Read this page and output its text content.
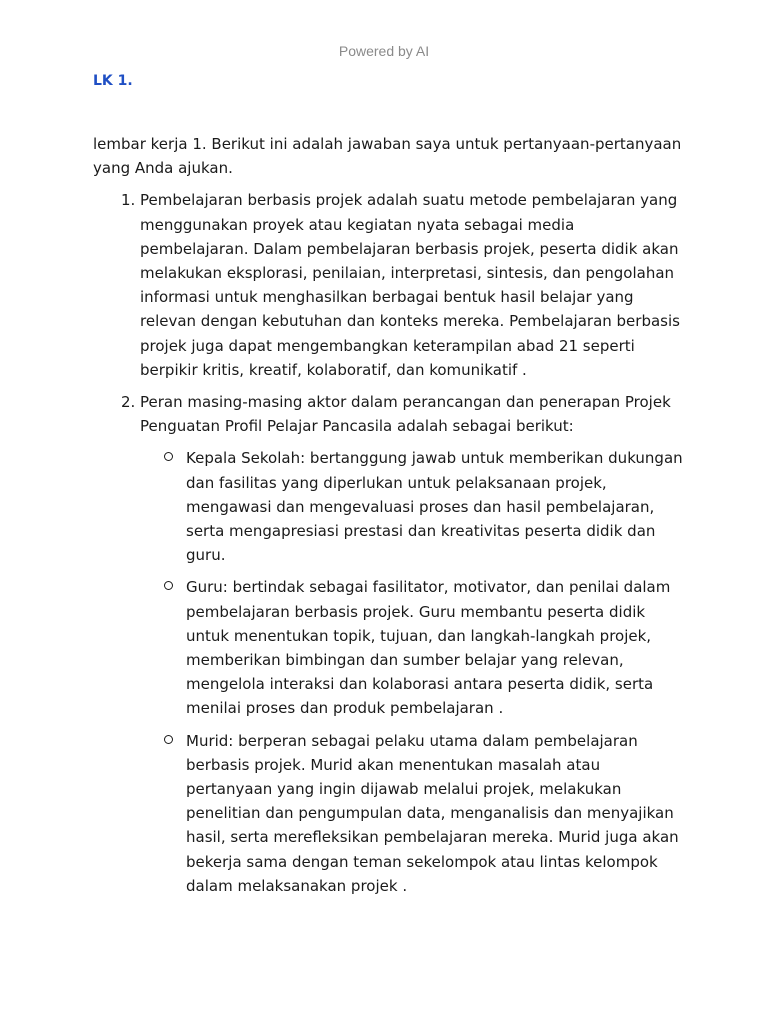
Powered by AI
LK 1.

lembar kerja 1. Berikut ini adalah jawaban saya untuk pertanyaan-pertanyaan yang Anda ajukan.

1. Pembelajaran berbasis projek adalah suatu metode pembelajaran yang menggunakan proyek atau kegiatan nyata sebagai media pembelajaran. Dalam pembelajaran berbasis projek, peserta didik akan melakukan eksplorasi, penilaian, interpretasi, sintesis, dan pengolahan informasi untuk menghasilkan berbagai bentuk hasil belajar yang relevan dengan kebutuhan dan konteks mereka. Pembelajaran berbasis projek juga dapat mengembangkan keterampilan abad 21 seperti berpikir kritis, kreatif, kolaboratif, dan komunikatif .
2. Peran masing-masing aktor dalam perancangan dan penerapan Projek Penguatan Profil Pelajar Pancasila adalah sebagai berikut:
Kepala Sekolah: bertanggung jawab untuk memberikan dukungan dan fasilitas yang diperlukan untuk pelaksanaan projek, mengawasi dan mengevaluasi proses dan hasil pembelajaran, serta mengapresiasi prestasi dan kreativitas peserta didik dan guru.
Guru: bertindak sebagai fasilitator, motivator, dan penilai dalam pembelajaran berbasis projek. Guru membantu peserta didik untuk menentukan topik, tujuan, dan langkah-langkah projek, memberikan bimbingan dan sumber belajar yang relevan, mengelola interaksi dan kolaborasi antara peserta didik, serta menilai proses dan produk pembelajaran .
Murid: berperan sebagai pelaku utama dalam pembelajaran berbasis projek. Murid akan menentukan masalah atau pertanyaan yang ingin dijawab melalui projek, melakukan penelitian dan pengumpulan data, menganalisis dan menyajikan hasil, serta merefleksikan pembelajaran mereka. Murid juga akan bekerja sama dengan teman sekelompok atau lintas kelompok dalam melaksanakan projek .
